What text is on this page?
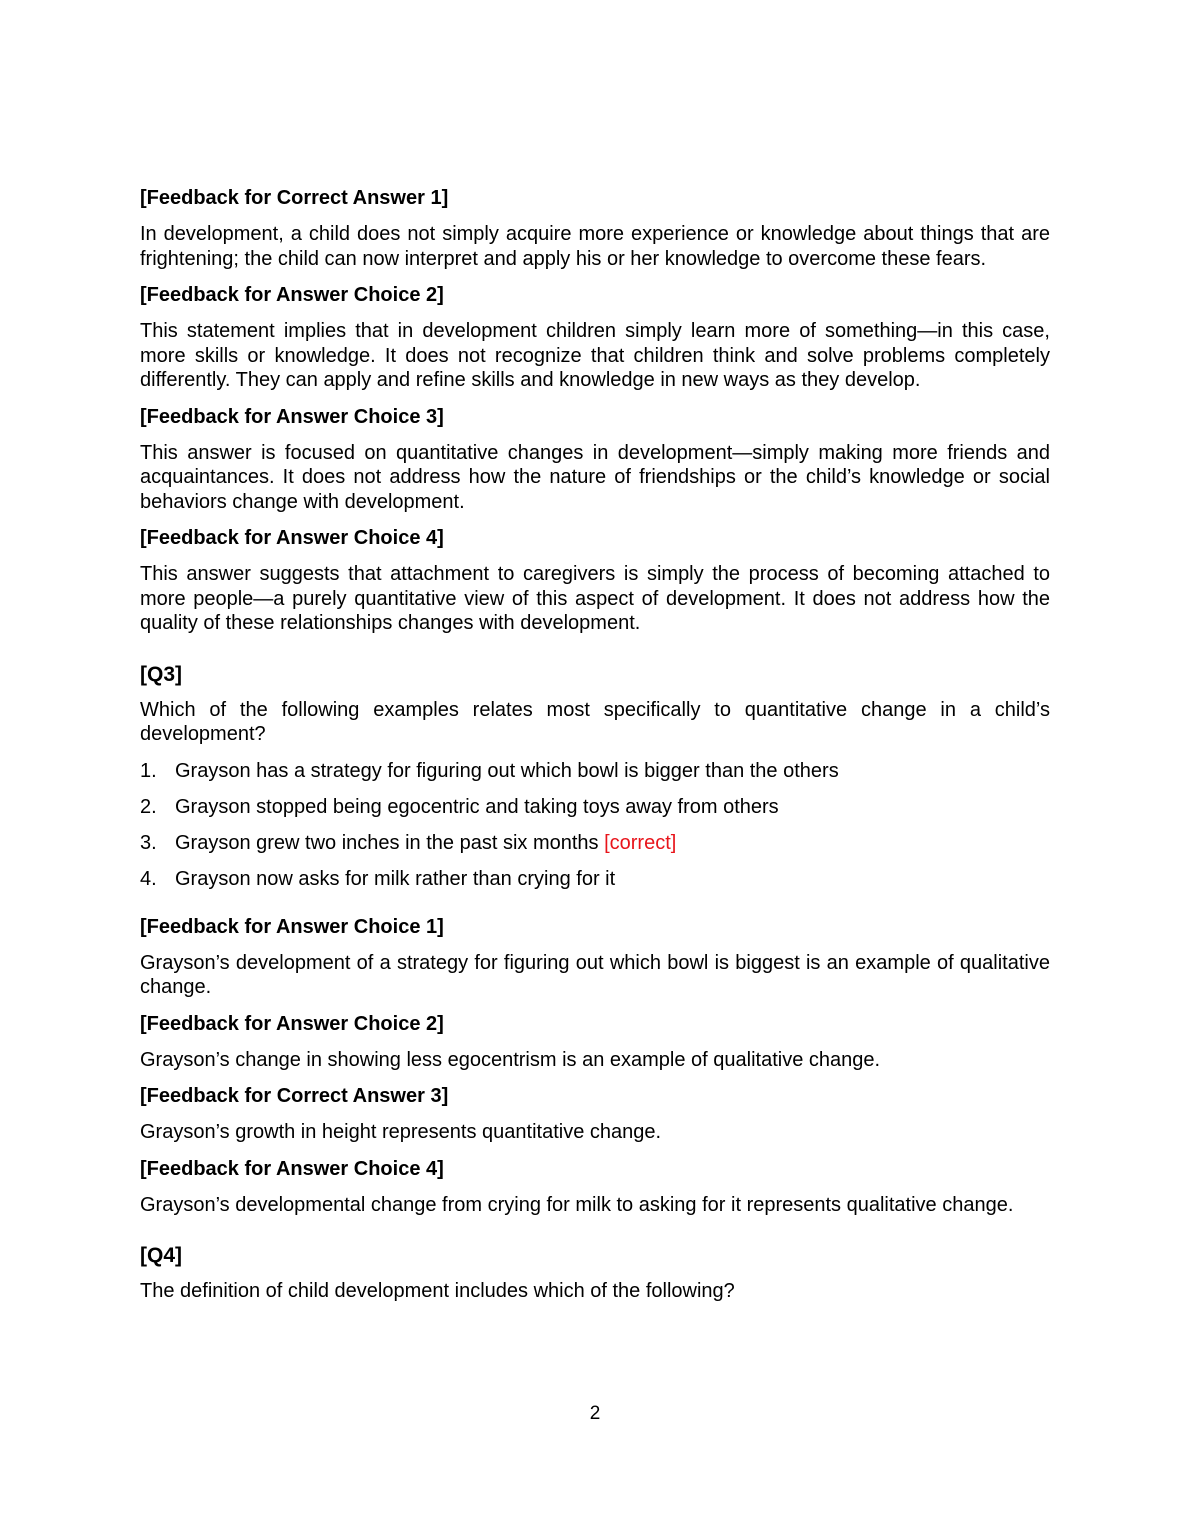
[Feedback for Correct Answer 1]
In development, a child does not simply acquire more experience or knowledge about things that are frightening; the child can now interpret and apply his or her knowledge to overcome these fears.
[Feedback for Answer Choice 2]
This statement implies that in development children simply learn more of something—in this case, more skills or knowledge. It does not recognize that children think and solve problems completely differently. They can apply and refine skills and knowledge in new ways as they develop.
[Feedback for Answer Choice 3]
This answer is focused on quantitative changes in development—simply making more friends and acquaintances. It does not address how the nature of friendships or the child’s knowledge or social behaviors change with development.
[Feedback for Answer Choice 4]
This answer suggests that attachment to caregivers is simply the process of becoming attached to more people—a purely quantitative view of this aspect of development. It does not address how the quality of these relationships changes with development.
[Q3]
Which of the following examples relates most specifically to quantitative change in a child’s development?
1. Grayson has a strategy for figuring out which bowl is bigger than the others
2. Grayson stopped being egocentric and taking toys away from others
3. Grayson grew two inches in the past six months [correct]
4. Grayson now asks for milk rather than crying for it
[Feedback for Answer Choice 1]
Grayson’s development of a strategy for figuring out which bowl is biggest is an example of qualitative change.
[Feedback for Answer Choice 2]
Grayson’s change in showing less egocentrism is an example of qualitative change.
[Feedback for Correct Answer 3]
Grayson’s growth in height represents quantitative change.
[Feedback for Answer Choice 4]
Grayson’s developmental change from crying for milk to asking for it represents qualitative change.
[Q4]
The definition of child development includes which of the following?
2
